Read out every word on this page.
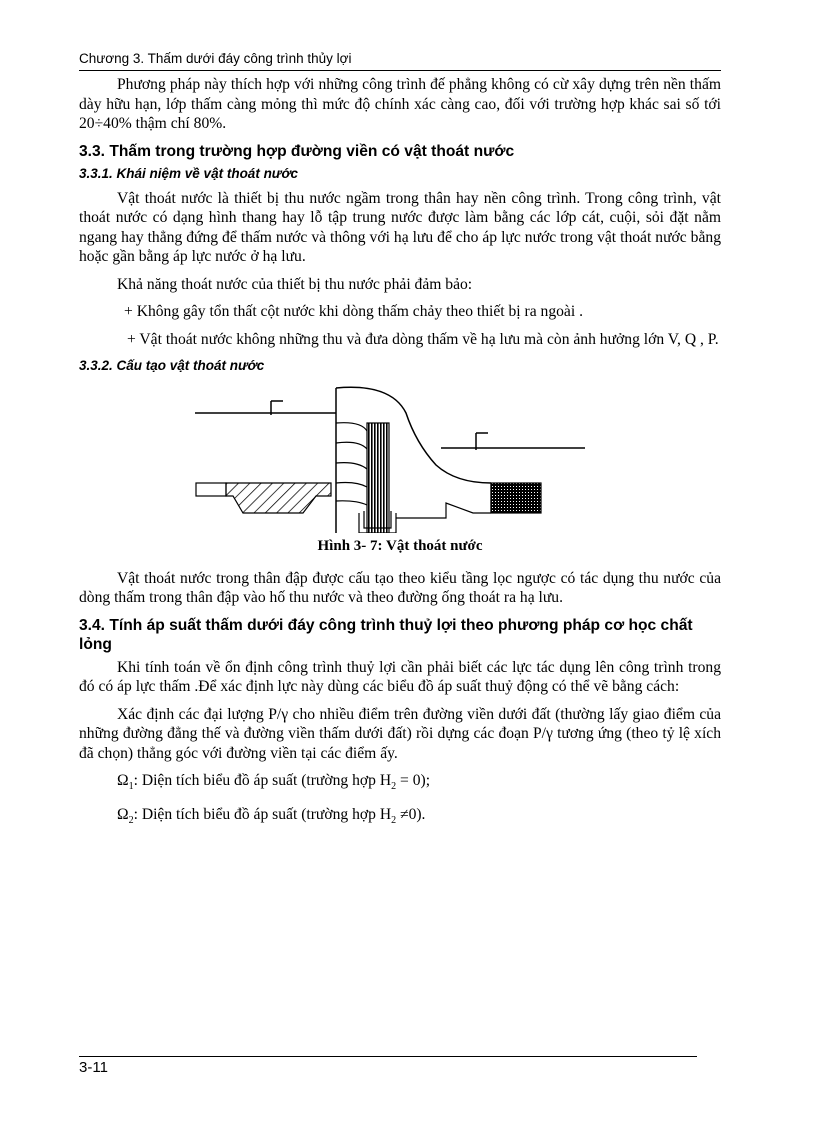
Chương 3. Thấm dưới đáy công trình thủy lợi

Phương pháp này thích hợp với những công trình đế phẳng không có cừ xây dựng trên nền thấm dày hữu hạn, lớp thấm càng mỏng thì mức độ chính xác càng cao, đối với trường hợp khác sai số tới 20÷40% thậm chí 80%.

3.3. Thấm trong trường hợp đường viền có vật thoát nước
3.3.1. Khái niệm về vật thoát nước

Vật thoát nước là thiết bị thu nước ngầm trong thân hay nền công trình. Trong công trình, vật thoát nước có dạng hình thang hay lỗ tập trung nước được làm bằng các lớp cát, cuội, sỏi đặt nằm ngang hay thẳng đứng để thấm nước và thông với hạ lưu để cho áp lực nước trong vật thoát nước bằng hoặc gần bằng áp lực nước ở hạ lưu.

Khả năng thoát nước của thiết bị thu nước phải đảm bảo:

+ Không gây tổn thất cột nước khi dòng thấm chảy theo thiết bị ra ngoài .

+ Vật thoát nước không những thu và đưa dòng thấm về hạ lưu mà còn ảnh hưởng lớn V, Q , P.

3.3.2. Cấu tạo vật thoát nước

Hình 3- 7: Vật thoát nước

Vật thoát nước trong thân đập được cấu tạo theo kiểu tầng lọc ngược có tác dụng thu nước của dòng thấm trong thân đập vào hố thu nước và theo đường ống thoát ra hạ lưu.

3.4. Tính áp suất thấm dưới đáy công trình thuỷ lợi theo phương pháp cơ học chất lỏng

Khi tính toán về ổn định công trình thuỷ lợi cần phải biết các lực tác dụng lên công trình trong đó có áp lực thấm .Để xác định lực này dùng các biểu đồ áp suất thuỷ động có thể vẽ bằng cách:

Xác định các đại lượng P/γ cho nhiều điểm trên đường viền dưới đất (thường lấy giao điểm của những đường đẳng thế và đường viền thấm dưới đất) rồi dựng các đoạn P/γ tương ứng (theo tỷ lệ xích đã chọn) thẳng góc với đường viền tại các điểm ấy.

$\Omega_1$: Diện tích biểu đồ áp suất (trường hợp $H_2 = 0$);

$\Omega_2$: Diện tích biểu đồ áp suất (trường hợp $H_2 \ne 0$).

3-11
